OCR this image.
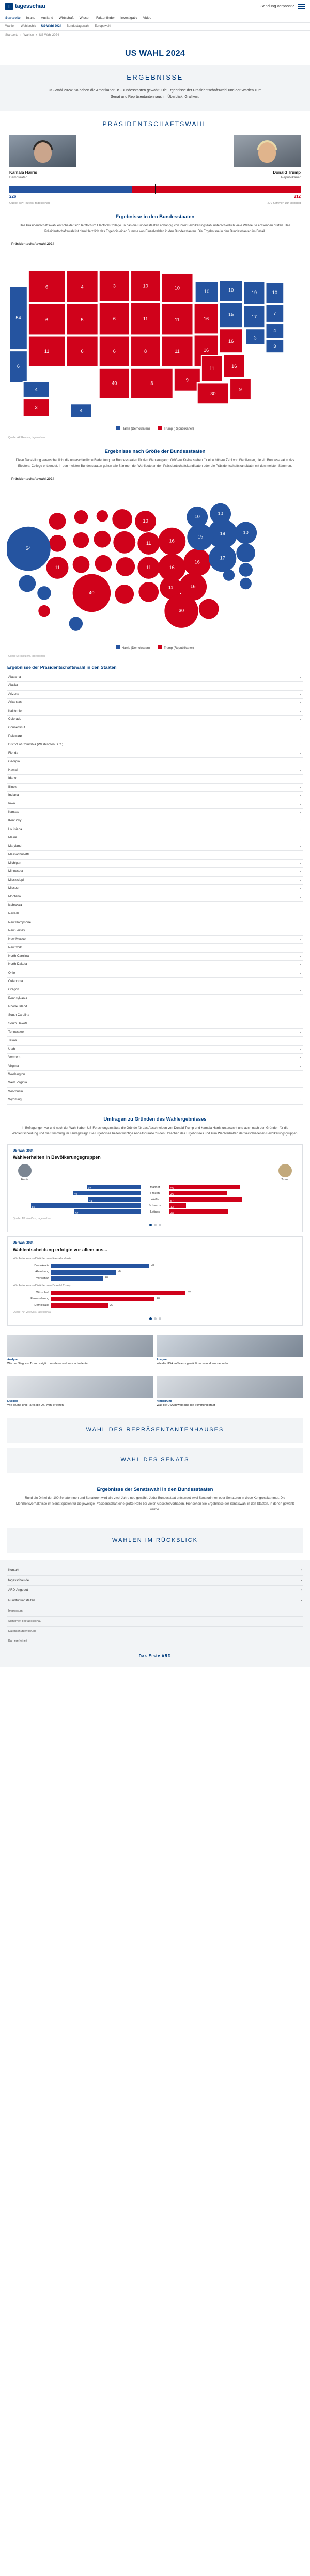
T tagesschau	Sendung verpasst?
Startseite Inland Ausland Wirtschaft Wissen Faktenfinder Investigativ Video
Wahlen Wahlarchiv US-Wahl 2024 Bundestagswahl Europawahl
Startseite › Wahlen › US-Wahl 2024
US WAHL 2024
ERGEBNISSE

US-Wahl 2024: So haben die Amerikaner US-Bundesstaaten gewählt. Die Ergebnisse der Präsidentschaftswahl und der Wahlen zum Senat und Repräsentantenhaus im Überblick. Grafiken.

PRÄSIDENTSCHAFTSWAHL
Kamala Harris
Demokraten
Donald Trump
Republikaner
226	312
Quelle: AP/Reuters, tagesschau	270 Stimmen zur Mehrheit
Ergebnisse in den Bundesstaaten

Das Präsidentschaftswahl entscheidet sich letztlich im Electoral College. In das die Bundesstaaten abhängig von ihrer Bevölkerungszahl unterschiedlich viele Wahlleute entsenden dürfen. Das Präsidentschaftswahl ist damit letztlich das Ergebnis einer Summe von Einzelwahlen in den Bundesstaaten. Die Ergebnisse in den Bundesstaaten im Detail.

Präsidentschaftswahl 2024
6	4	3	10	10
6	5	6	11	11	16
11	6	6	8	11	16
16
40	8
9
11	16
30
9
3
54
6
4
19
17
10
7
4
3
3
15
10	10
4
Harris (Demokraten)	Trump (Republikaner)
Quelle: AP/Reuters, tagesschau
Ergebnisse nach Größe der Bundesstaaten

Diese Darstellung veranschaulicht die unterschiedliche Bedeutung der Bundesstaaten für den Wahlausgang: Größere Kreise stehen für eine höhere Zahl von Wahlleuten, die ein Bundesstaat in das Electoral College entsendet. In den meisten Bundesstaaten gehen alle Stimmen der Wahlleute an den Präsidentschaftskandidaten oder die Präsidentschaftskandidatin mit den meisten Stimmen.

Präsidentschaftswahl 2024
54
40
30
19
17
16
16
16
16
15
10
10
10
10
11
11	11
11
Harris (Demokraten)	Trump (Republikaner)
Quelle: AP/Reuters, tagesschau
Ergebnisse der Präsidentschaftswahl in den Staaten
Alabama	⌄
Alaska	⌄
Arizona	⌄
Arkansas	⌄
Kalifornien	⌄
Colorado	⌄
Connecticut	⌄
Delaware	⌄
District of Columbia (Washington D.C.)	⌄
Florida	⌄
Georgia	⌄
Hawaii	⌄
Idaho	⌄
Illinois	⌄
Indiana	⌄
Iowa	⌄
Kansas	⌄
Kentucky	⌄
Louisiana	⌄
Maine	⌄
Maryland	⌄
Massachusetts	⌄
Michigan	⌄
Minnesota	⌄
Mississippi	⌄
Missouri	⌄
Montana	⌄
Nebraska	⌄
Nevada	⌄
New Hampshire	⌄
New Jersey	⌄
New Mexico	⌄
New York	⌄
North Carolina	⌄
North Dakota	⌄
Ohio	⌄
Oklahoma	⌄
Oregon	⌄
Pennsylvania	⌄
Rhode Island	⌄
South Carolina	⌄
South Dakota	⌄
Tennessee	⌄
Texas	⌄
Utah	⌄
Vermont	⌄
Virginia	⌄
Washington	⌄
West Virginia	⌄
Wisconsin	⌄
Wyoming	⌄
Umfragen zu Gründen des Wahlergebnisses

In Befragungen vor und nach der Wahl haben US-Forschungsinstitute die Gründe für das Abschneiden von Donald Trump und Kamala Harris untersucht und auch nach den Gründen für die Wahlentscheidung und die Stimmung im Land gefragt. Die Ergebnisse helfen wichtige Anhaltspunkte zu den Ursachen des Ergebnisses und zum Wahlverhalten der verschiedenen Bevölkerungsgruppen.

US-Wahl 2024
Wahlverhalten in Bevölkerungsgruppen
Harris	Trump
42
Männer
55
53
Frauen
45
41
Weiße
57
86
Schwarze
13
52
Latinos
46
Quelle: AP VoteCast, tagesschau
US-Wahl 2024
Wahlentscheidung erfolgte vor allem aus...
Wählerinnen und Wähler von Kamala Harris
Demokratie	38
Abtreibung	25
Wirtschaft	20
Wählerinnen und Wähler von Donald Trump
Wirtschaft	52
Einwanderung	40
Demokratie	22
Quelle: AP VoteCast, tagesschau
Analyse
Wie der Sieg von Trump möglich wurde — und was er bedeutet
Analyse
Wie die USA auf Harris gewählt hat — und wie sie verlor
Liveblog
Wie Trump und Harris die US-Wahl erlebten
Hintergrund
Was die USA bewegt und die Stimmung prägt
WAHL DES REPRÄSENTANTENHAUSES
WAHL DES SENATS
Ergebnisse der Senatswahl in den Bundesstaaten

Rund ein Drittel der 100 Senatorinnen und Senatoren wird alle zwei Jahre neu gewählt. Jeder Bundesstaat entsendet zwei Senatorinnen oder Senatoren in diese Kongresskammer. Die Mehrheitsverhältnisse im Senat spielen für die jeweilige Präsidentschaft eine große Rolle bei vielen Gesetzesvorhaben. Hier sehen Sie Ergebnisse der Senatswahl in den Staaten, in denen gewählt wurde.

WAHLEN IM RÜCKBLICK
Kontakt	›
tagesschau.de	›
ARD-Angebot	›
Rundfunkanstalten	›
Impressum
Sicherheit bei tagesschau
Datenschutzerklärung
Barrierefreiheit
Das Erste ARD
